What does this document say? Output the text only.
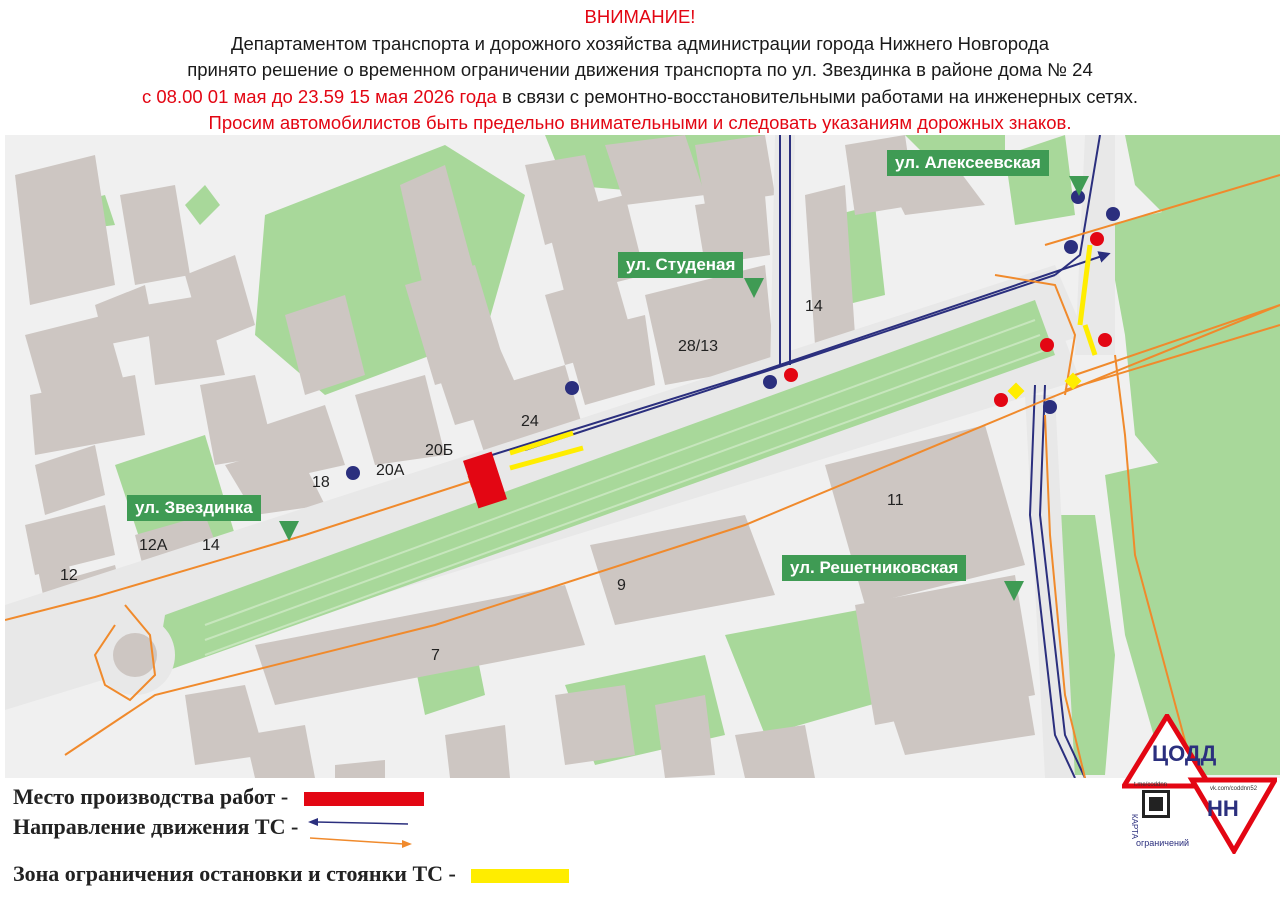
ВНИМАНИЕ!
Департаментом транспорта и дорожного хозяйства администрации города Нижнего Новгорода
принято решение о временном ограничении движения транспорта по ул. Звездинка в районе дома № 24
с 08.00 01 мая до 23.59 15 мая 2026 года в связи с ремонтно-восстановительными работами на инженерных сетях.
Просим автомобилистов быть предельно внимательными и следовать указаниям дорожных знаков.
ул. Звездинка
ул. Студеная
ул. Алексеевская
ул. Решетниковская
28/13
14
24
20Б
20А
18
12А 14
12
11
9
7
Место производства работ -
Направление движения ТС -
Зона ограничения остановки и стоянки ТС -
ЦОДД
НН
t.me/coddnn
vk.com/coddnn52
ограничений
КАРТА
